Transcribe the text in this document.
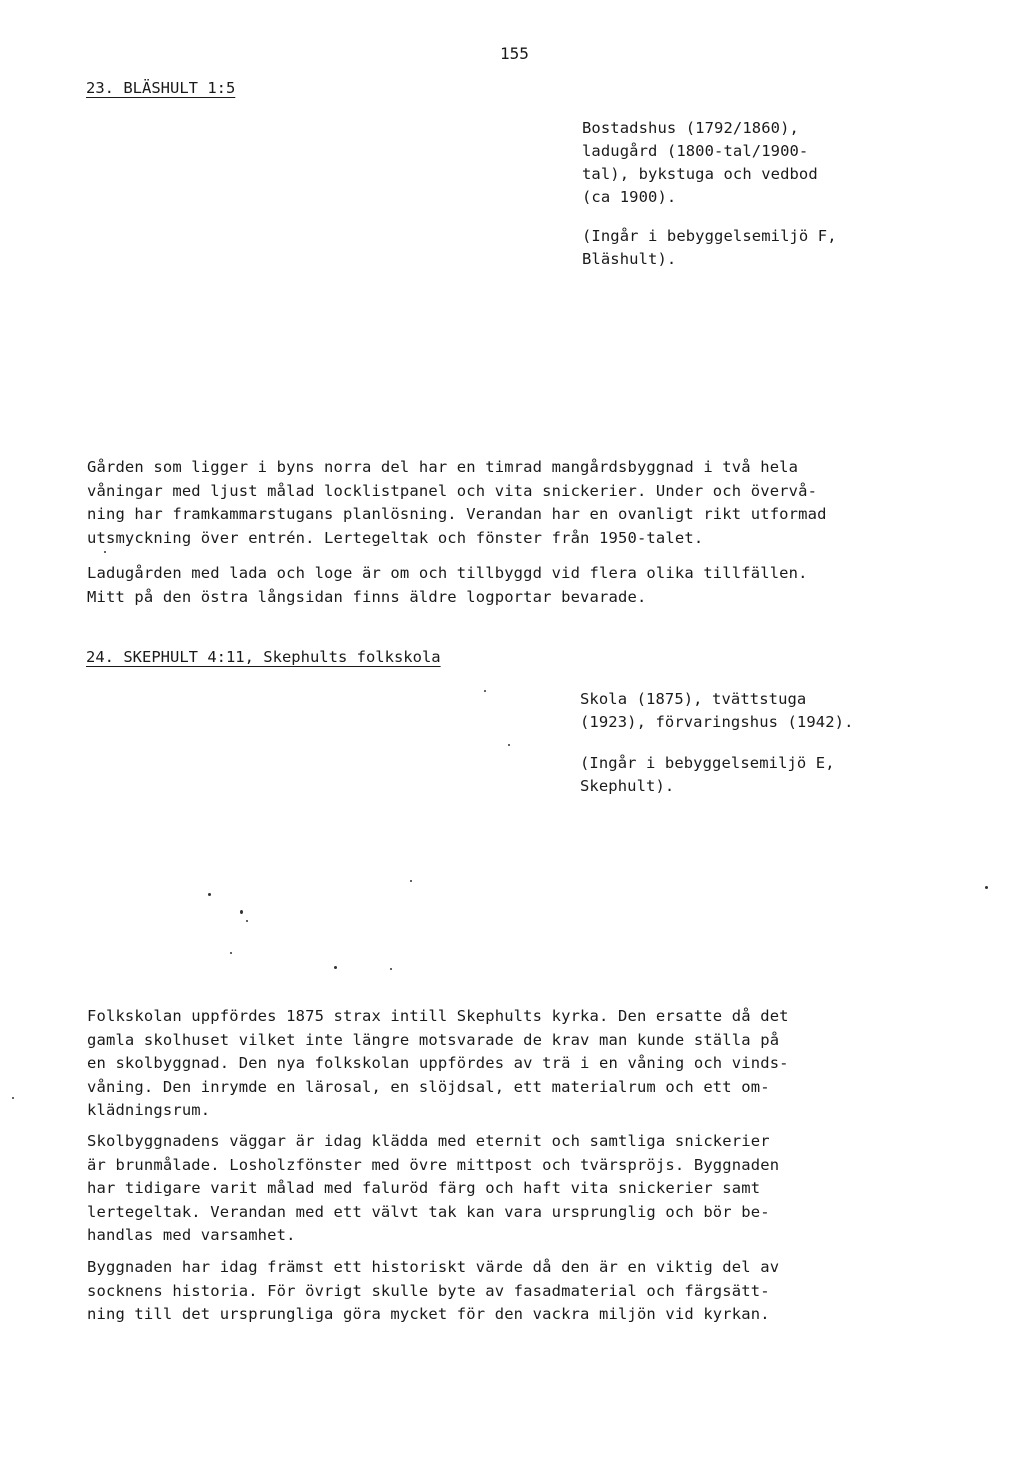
155
23. BLÄSHULT 1:5
Bostadshus (1792/1860),
ladugård (1800-tal/1900-
tal), bykstuga och vedbod
(ca 1900).
(Ingår i bebyggelsemiljö F,
Bläshult).
Gården som ligger i byns norra del har en timrad mangårdsbyggnad i två hela
våningar med ljust målad locklistpanel och vita snickerier. Under och övervå-
ning har framkammarstugans planlösning. Verandan har en ovanligt rikt utformad
utsmyckning över entrén. Lertegeltak och fönster från 1950-talet.
Ladugården med lada och loge är om och tillbyggd vid flera olika tillfällen.
Mitt på den östra långsidan finns äldre logportar bevarade.
24. SKEPHULT 4:11, Skephults folkskola
Skola (1875), tvättstuga
(1923), förvaringshus (1942).
(Ingår i bebyggelsemiljö E,
Skephult).
Folkskolan uppfördes 1875 strax intill Skephults kyrka. Den ersatte då det
gamla skolhuset vilket inte längre motsvarade de krav man kunde ställa på
en skolbyggnad. Den nya folkskolan uppfördes av trä i en våning och vinds-
våning. Den inrymde en lärosal, en slöjdsal, ett materialrum och ett om-
klädningsrum.
Skolbyggnadens väggar är idag klädda med eternit och samtliga snickerier
är brunmålade. Losholzfönster med övre mittpost och tvärspröjs. Byggnaden
har tidigare varit målad med faluröd färg och haft vita snickerier samt
lertegeltak. Verandan med ett välvt tak kan vara ursprunglig och bör be-
handlas med varsamhet.
Byggnaden har idag främst ett historiskt värde då den är en viktig del av
socknens historia. För övrigt skulle byte av fasadmaterial och färgsätt-
ning till det ursprungliga göra mycket för den vackra miljön vid kyrkan.
